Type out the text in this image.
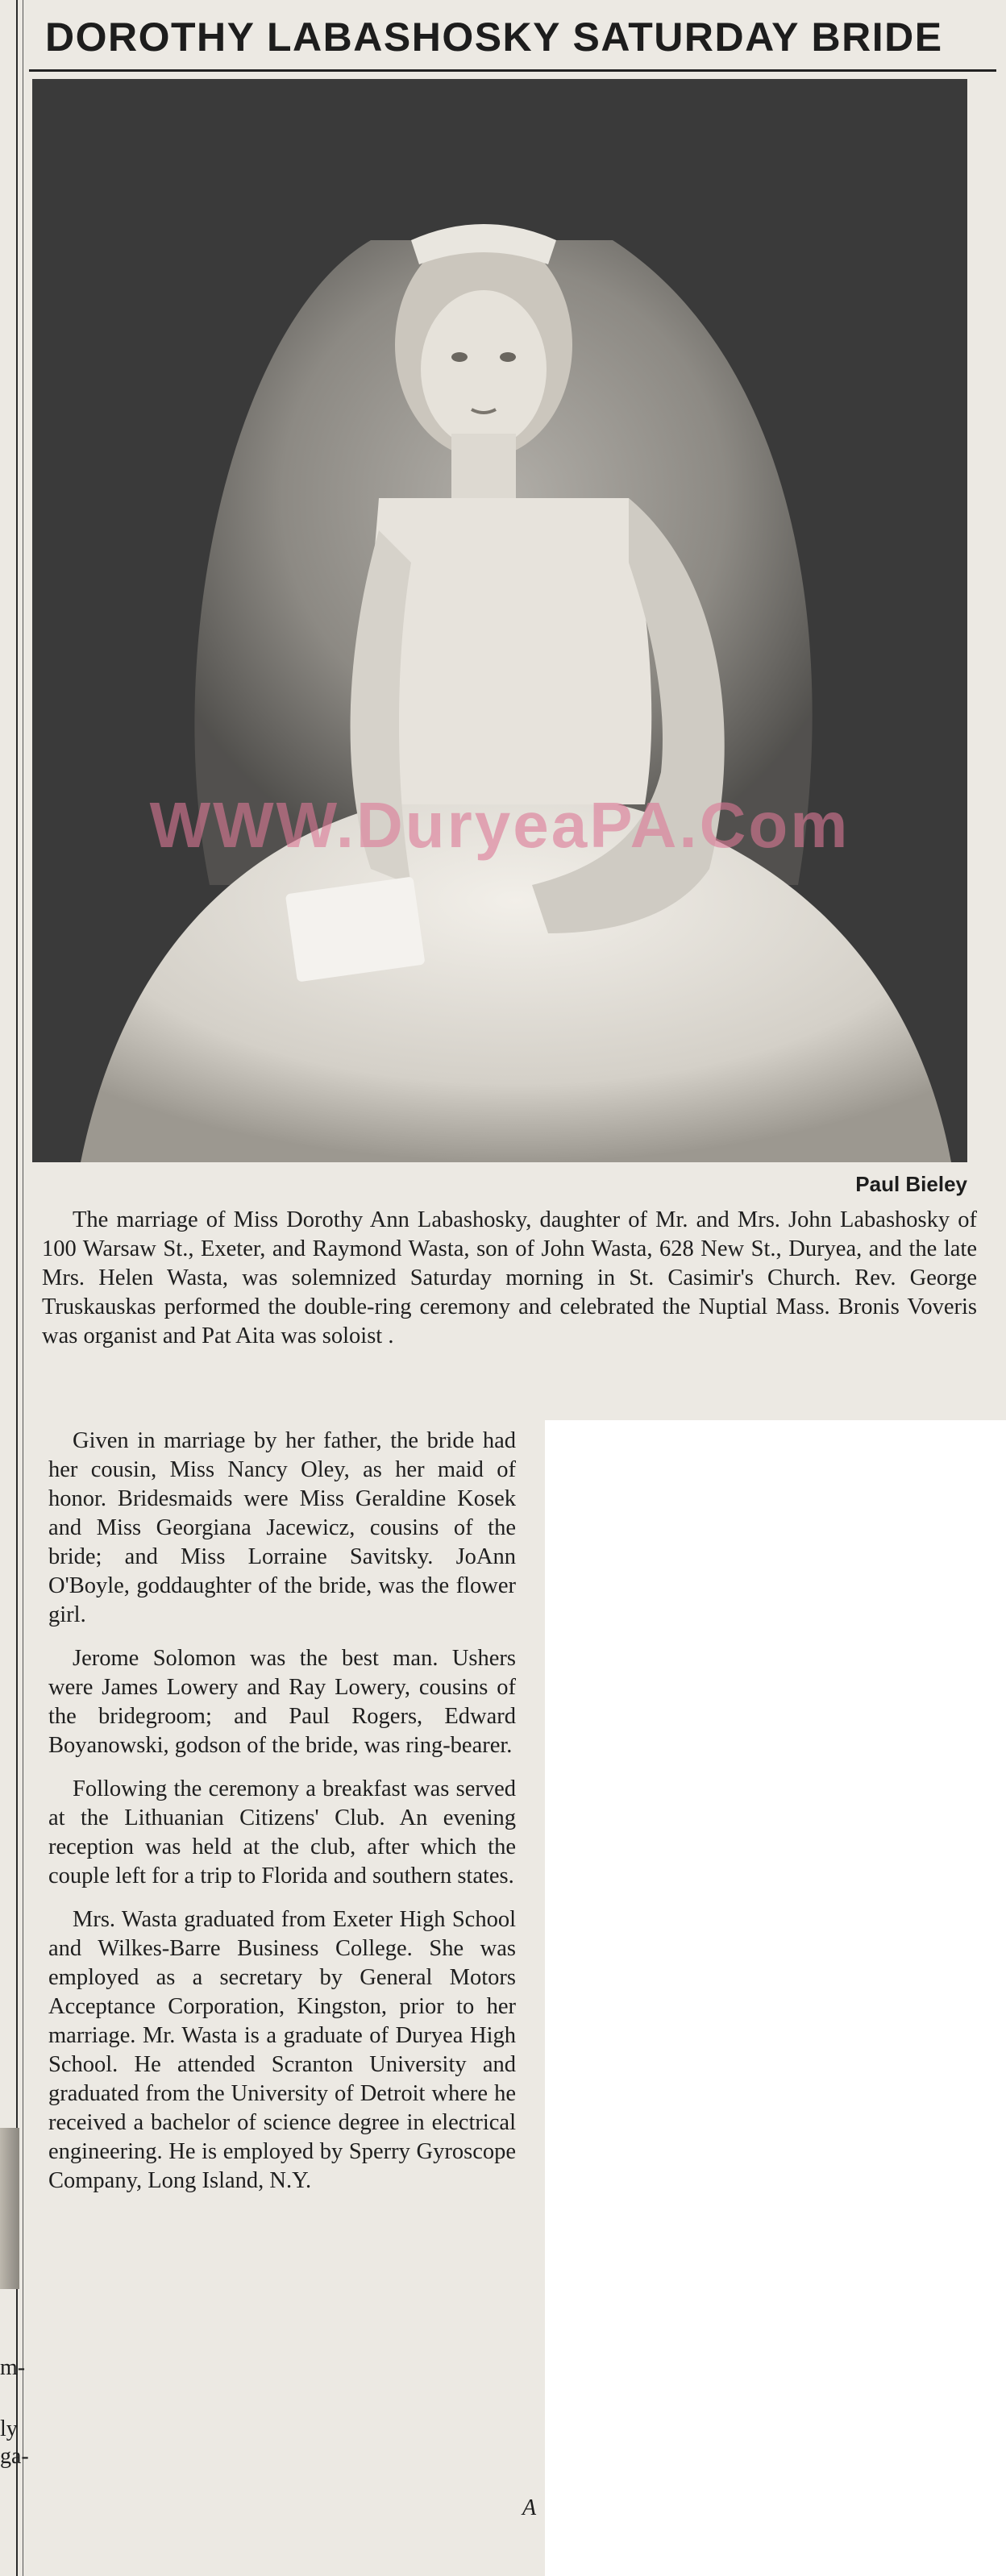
DOROTHY LABASHOSKY SATURDAY BRIDE
WWW.DuryeaPA.Com
Paul Bieley

The marriage of Miss Dorothy Ann Labashosky, daughter of Mr. and Mrs. John Labashosky of 100 Warsaw St., Exeter, and Raymond Wasta, son of John Wasta, 628 New St., Duryea, and the late Mrs. Helen Wasta, was solemnized Saturday morning in St. Casimir's Church. Rev. George Truskauskas performed the double-ring ceremony and celebrated the Nuptial Mass. Bronis Voveris was organist and Pat Aita was soloist .

Given in marriage by her father, the bride had her cousin, Miss Nancy Oley, as her maid of honor. Bridesmaids were Miss Geraldine Kosek and Miss Georgiana Jacewicz, cousins of the bride; and Miss Lorraine Savitsky. JoAnn O'Boyle, goddaughter of the bride, was the flower girl.

Jerome Solomon was the best man. Ushers were James Lowery and Ray Lowery, cousins of the bridegroom; and Paul Rogers, Edward Boyanowski, godson of the bride, was ring-bearer.

Following the ceremony a breakfast was served at the Lithuanian Citizens' Club. An evening reception was held at the club, after which the couple left for a trip to Florida and southern states.

Mrs. Wasta graduated from Exeter High School and Wilkes-Barre Business College. She was employed as a secretary by General Motors Acceptance Corporation, Kingston, prior to her marriage. Mr. Wasta is a graduate of Duryea High School. He attended Scranton University and graduated from the University of Detroit where he received a bachelor of science degree in electrical engineering. He is employed by Sperry Gyroscope Company, Long Island, N.Y.

m-
ly
ga-
A
